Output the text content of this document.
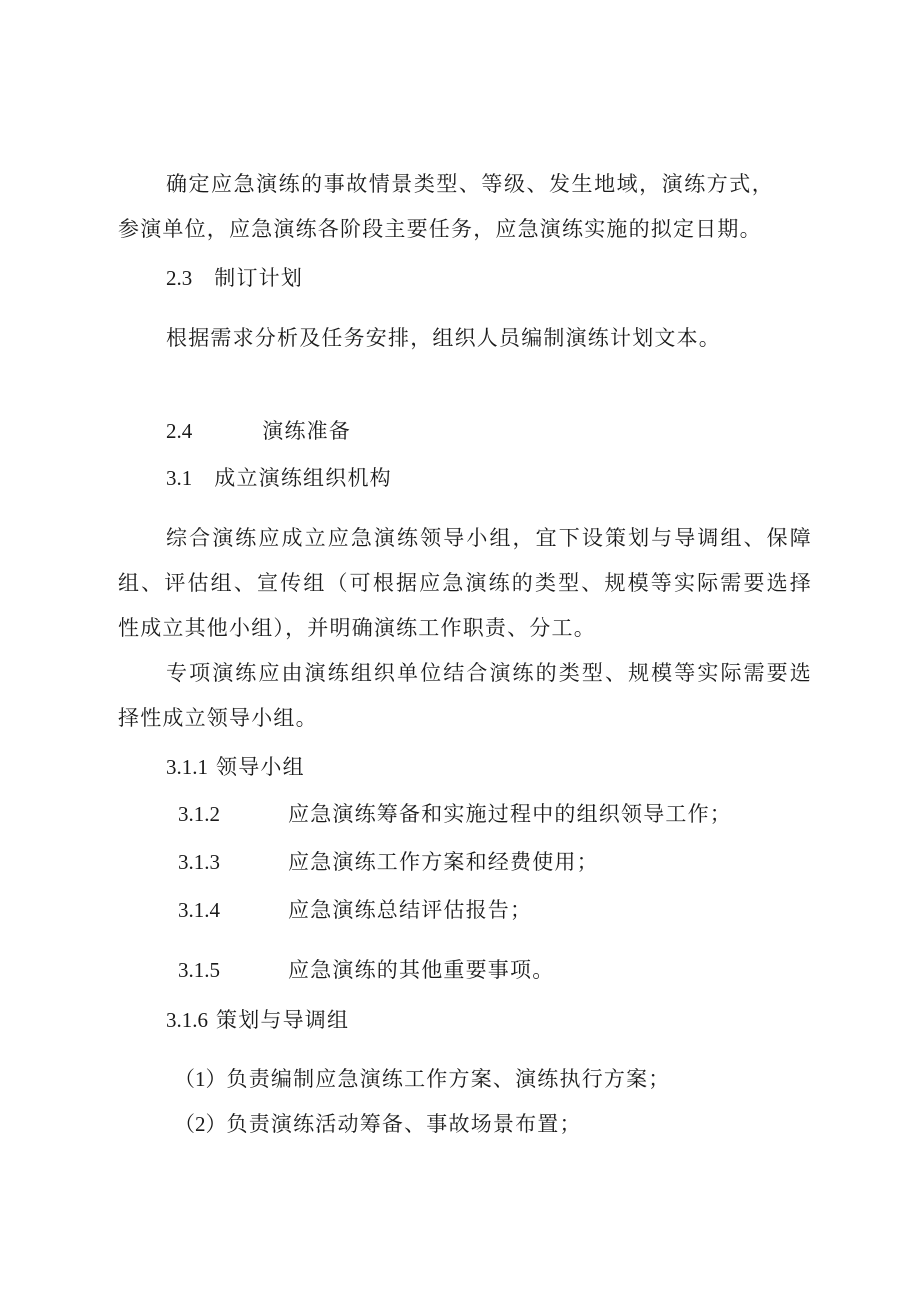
确定应急演练的事故情景类型、等级、发生地域，演练方式，
参演单位，应急演练各阶段主要任务，应急演练实施的拟定日期。
2.3 制订计划
根据需求分析及任务安排，组织人员编制演练计划文本。
2.4	演练准备
3.1 成立演练组织机构
综合演练应成立应急演练领导小组，宜下设策划与导调组、保障
组、评估组、宣传组（可根据应急演练的类型、规模等实际需要选择
性成立其他小组），并明确演练工作职责、分工。
专项演练应由演练组织单位结合演练的类型、规模等实际需要选
择性成立领导小组。
3.1.1 领导小组
3.1.2	应急演练筹备和实施过程中的组织领导工作；
3.1.3	应急演练工作方案和经费使用；
3.1.4	应急演练总结评估报告；
3.1.5	应急演练的其他重要事项。
3.1.6 策划与导调组
（1）负责编制应急演练工作方案、演练执行方案；
（2）负责演练活动筹备、事故场景布置；
